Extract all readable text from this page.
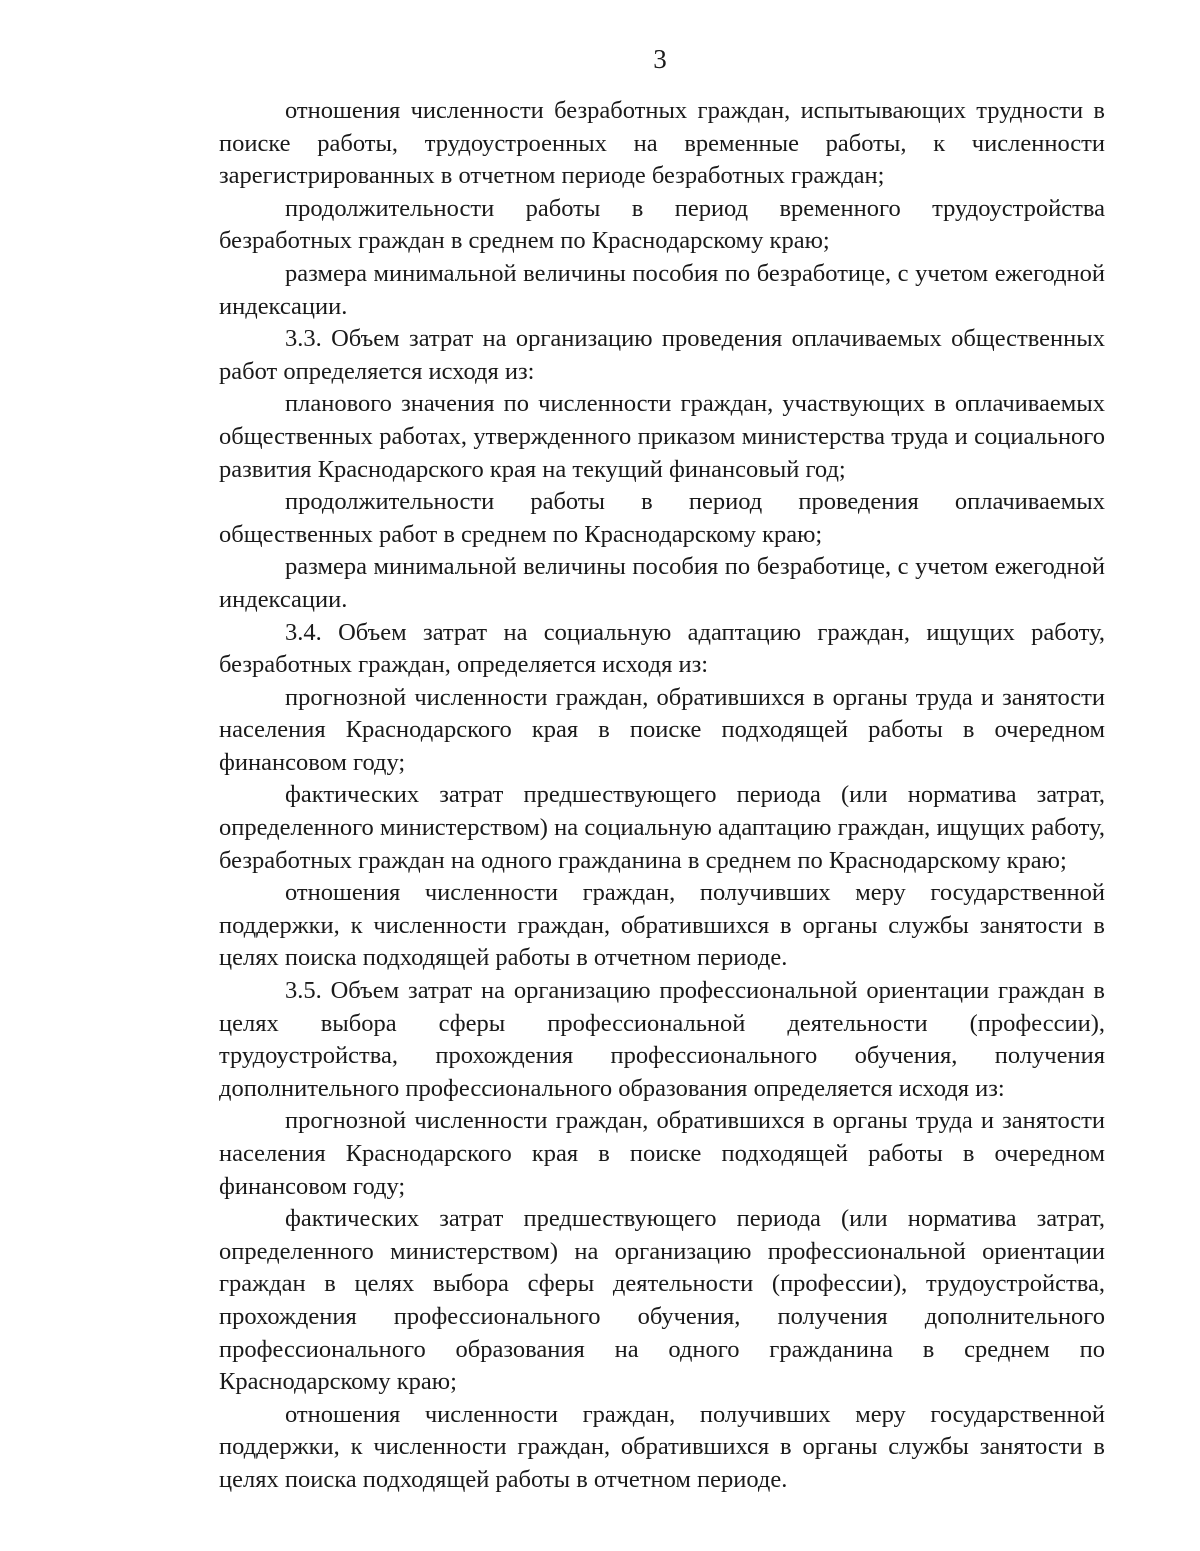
3

отношения численности безработных граждан, испытывающих трудности в поиске работы, трудоустроенных на временные работы, к численности зарегистрированных в отчетном периоде безработных граждан;

продолжительности работы в период временного трудоустройства безработных граждан в среднем по Краснодарскому краю;

размера минимальной величины пособия по безработице, с учетом ежегодной индексации.

3.3. Объем затрат на организацию проведения оплачиваемых общественных работ определяется исходя из:

планового значения по численности граждан, участвующих в оплачиваемых общественных работах, утвержденного приказом министерства труда и социального развития Краснодарского края на текущий финансовый год;

продолжительности работы в период проведения оплачиваемых общественных работ в среднем по Краснодарскому краю;

размера минимальной величины пособия по безработице, с учетом ежегодной индексации.

3.4. Объем затрат на социальную адаптацию граждан, ищущих работу, безработных граждан, определяется исходя из:

прогнозной численности граждан, обратившихся в органы труда и занятости населения Краснодарского края в поиске подходящей работы в очередном финансовом году;

фактических затрат предшествующего периода (или норматива затрат, определенного министерством) на социальную адаптацию граждан, ищущих работу, безработных граждан на одного гражданина в среднем по Краснодарскому краю;

отношения численности граждан, получивших меру государственной поддержки, к численности граждан, обратившихся в органы службы занятости в целях поиска подходящей работы в отчетном периоде.

3.5. Объем затрат на организацию профессиональной ориентации граждан в целях выбора сферы профессиональной деятельности (профессии), трудоустройства, прохождения профессионального обучения, получения дополнительного профессионального образования определяется исходя из:

прогнозной численности граждан, обратившихся в органы труда и занятости населения Краснодарского края в поиске подходящей работы в очередном финансовом году;

фактических затрат предшествующего периода (или норматива затрат, определенного министерством) на организацию профессиональной ориентации граждан в целях выбора сферы деятельности (профессии), трудоустройства, прохождения профессионального обучения, получения дополнительного профессионального образования на одного гражданина в среднем по Краснодарскому краю;

отношения численности граждан, получивших меру государственной поддержки, к численности граждан, обратившихся в органы службы занятости в целях поиска подходящей работы в отчетном периоде.
